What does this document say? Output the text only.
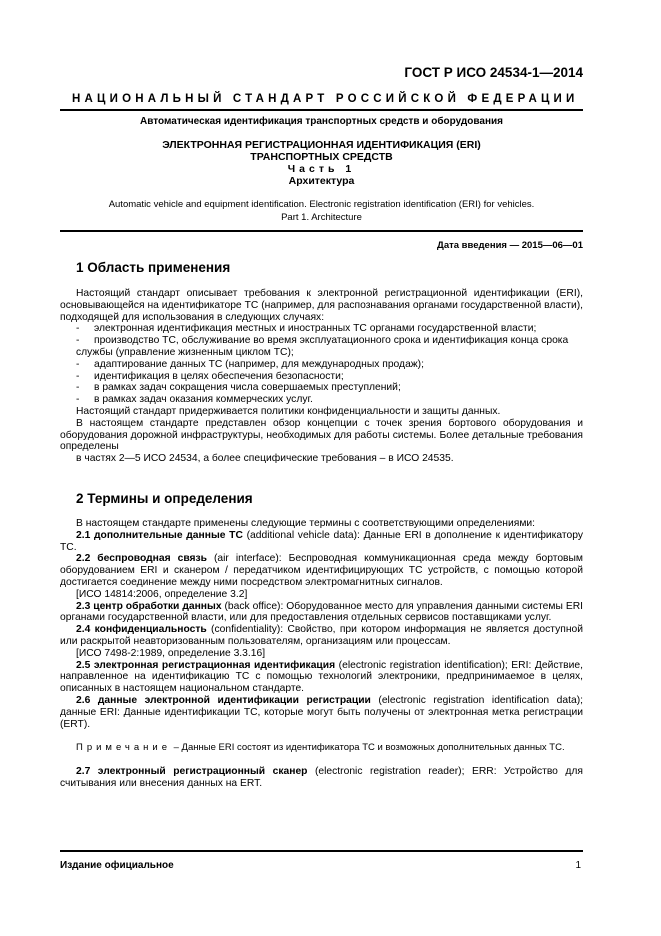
ГОСТ Р ИСО 24534-1—2014
НАЦИОНАЛЬНЫЙ СТАНДАРТ РОССИЙСКОЙ ФЕДЕРАЦИИ
Автоматическая идентификация транспортных средств и оборудования
ЭЛЕКТРОННАЯ РЕГИСТРАЦИОННАЯ ИДЕНТИФИКАЦИЯ (ERI)
ТРАНСПОРТНЫХ СРЕДСТВ
Часть 1
Архитектура
Automatic vehicle and equipment identification. Electronic registration identification (ERI) for vehicles.
Part 1. Architecture
Дата введения — 2015—06—01
1 Область применения

Настоящий стандарт описывает требования к электронной регистрационной идентификации (ERI), основывающейся на идентификаторе ТС (например, для распознавания органами государственной власти), подходящей для использования в следующих случаях:

- электронная идентификация местных и иностранных ТС органами государственной власти;

- производство ТС, обслуживание во время эксплуатационного срока и идентификация конца срока службы (управление жизненным циклом ТС);

- адаптирование данных ТС (например, для международных продаж);

- идентификация в целях обеспечения безопасности;

- в рамках задач сокращения числа совершаемых преступлений;

- в рамках задач оказания коммерческих услуг.

Настоящий стандарт придерживается политики конфиденциальности и защиты данных.

В настоящем стандарте представлен обзор концепции с точек зрения бортового оборудования и оборудования дорожной инфраструктуры, необходимых для работы системы. Более детальные требования определены

в частях 2—5 ИСО 24534, а более специфические требования – в ИСО 24535.

2 Термины и определения

В настоящем стандарте применены следующие термины с соответствующими определениями:

2.1 дополнительные данные ТС (additional vehicle data): Данные ERI в дополнение к идентификатору ТС.

2.2 беспроводная связь (air interface): Беспроводная коммуникационная среда между бортовым оборудованием ERI и сканером / передатчиком идентифицирующих ТС устройств, с помощью которой достигается соединение между ними посредством электромагнитных сигналов.

[ИСО 14814:2006, определение 3.2]

2.3 центр обработки данных (back office): Оборудованное место для управления данными системы ERI органами государственной власти, или для предоставления отдельных сервисов поставщиками услуг.

2.4 конфиденциальность (confidentiality): Свойство, при котором информация не является доступной или раскрытой неавторизованным пользователям, организациям или процессам.

[ИСО 7498-2:1989, определение 3.3.16]

2.5 электронная регистрационная идентификация (electronic registration identification); ERI: Действие, направленное на идентификацию ТС с помощью технологий электроники, предпринимаемое в целях, описанных в настоящем национальном стандарте.

2.6 данные электронной идентификации регистрации (electronic registration identification data); данные ERI: Данные идентификации ТС, которые могут быть получены от электронная метка регистрации (ERT).

Примечание – Данные ERI состоят из идентификатора ТС и возможных дополнительных данных ТС.

2.7 электронный регистрационный сканер (electronic registration reader); ERR: Устройство для считывания или внесения данных на ERT.

Издание официальное	1
